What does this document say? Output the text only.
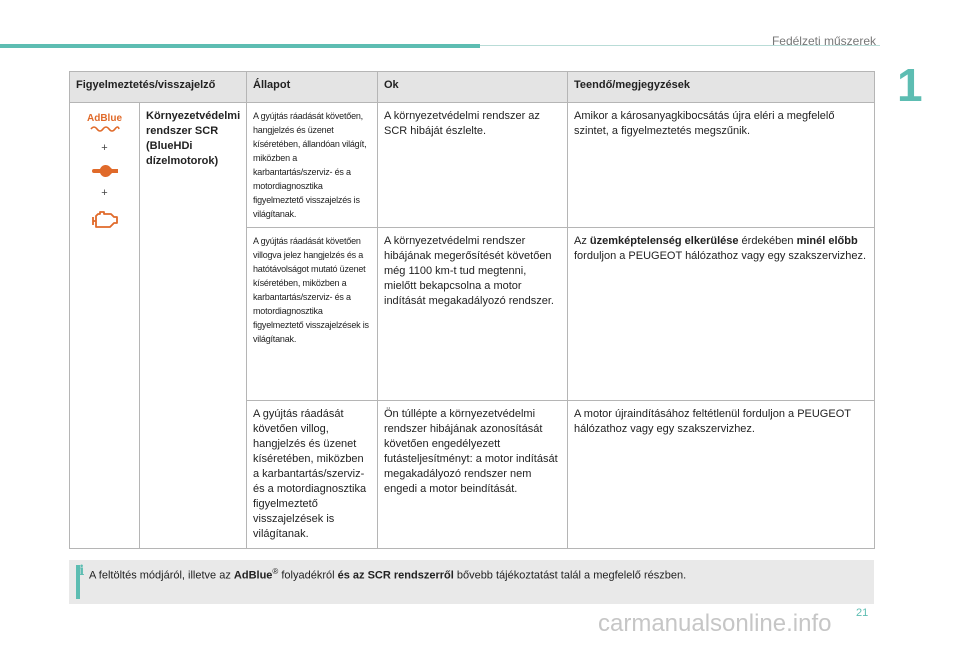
Fedélzeti műszerek
1
Figyelmeztetés/visszajelző		Állapot	Ok	Teendő/megjegyzések

AdBlue
+
+	Környezetvédelmi rendszer SCR (BlueHDi dízelmotorok)	A gyújtás ráadását követően, hangjelzés és üzenet kíséretében, állandóan világít, miközben a karbantartás/szerviz- és a motordiagnosztika figyelmeztető visszajelzés is világítanak.	A környezetvédelmi rendszer az SCR hibáját észlelte.	Amikor a károsanyagkibocsátás újra eléri a megfelelő szintet, a figyelmeztetés megszűnik.
		A gyújtás ráadását követően villogva jelez hangjelzés és a hatótávolságot mutató üzenet kíséretében, miközben a karbantartás/szerviz- és a motordiagnosztika figyelmeztető visszajelzések is világítanak.	A környezetvédelmi rendszer hibájának megerősítését követően még 1100 km-t tud megtenni, mielőtt bekapcsolna a motor indítását megakadályozó rendszer.	Az üzemképtelenség elkerülése érdekében minél előbb forduljon a PEUGEOT hálózathoz vagy egy szakszervizhez.
		A gyújtás ráadását követően villog, hangjelzés és üzenet kíséretében, miközben a karbantartás/szerviz- és a motordiagnosztika figyelmeztető visszajelzések is világítanak.	Ön túllépte a környezetvédelmi rendszer hibájának azonosítását követően engedélyezett futásteljesítményt: a motor indítását megakadályozó rendszer nem engedi a motor beindítását.	A motor újraindításához feltétlenül forduljon a PEUGEOT hálózathoz vagy egy szakszervizhez.
i A feltöltés módjáról, illetve az AdBlue® folyadékról és az SCR rendszerről bővebb tájékoztatást talál a megfelelő részben.
21
carmanualsonline.info
